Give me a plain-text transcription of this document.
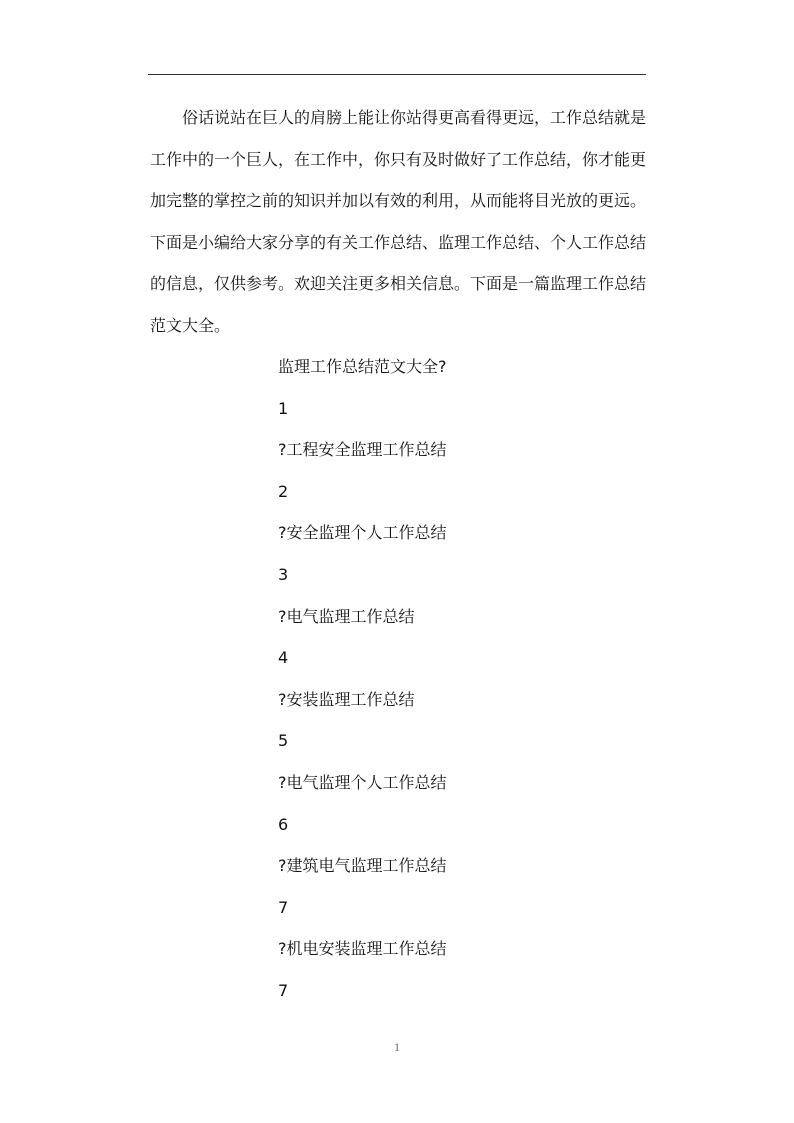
俗话说站在巨人的肩膀上能让你站得更高看得更远，工作总结就是工作中的一个巨人，在工作中，你只有及时做好了工作总结，你才能更加完整的掌控之前的知识并加以有效的利用，从而能将目光放的更远。下面是小编给大家分享的有关工作总结、监理工作总结、个人工作总结的信息，仅供参考。欢迎关注更多相关信息。下面是一篇监理工作总结范文大全。

监理工作总结范文大全?
1
?工程安全监理工作总结
2
?安全监理个人工作总结
3
?电气监理工作总结
4
?安装监理工作总结
5
?电气监理个人工作总结
6
?建筑电气监理工作总结
7
?机电安装监理工作总结
7
1
